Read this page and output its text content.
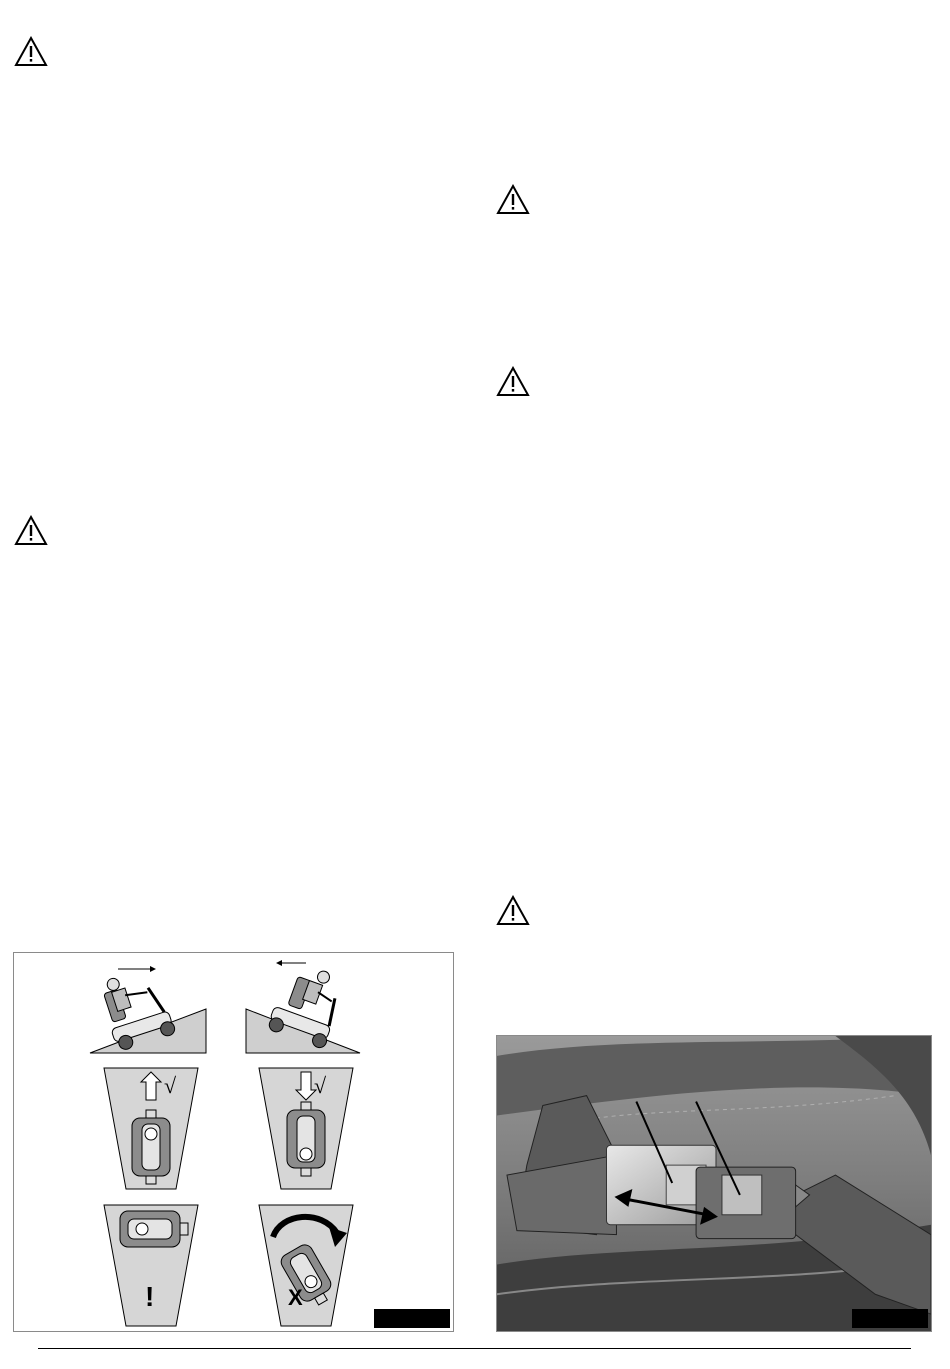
√	√
!	X
